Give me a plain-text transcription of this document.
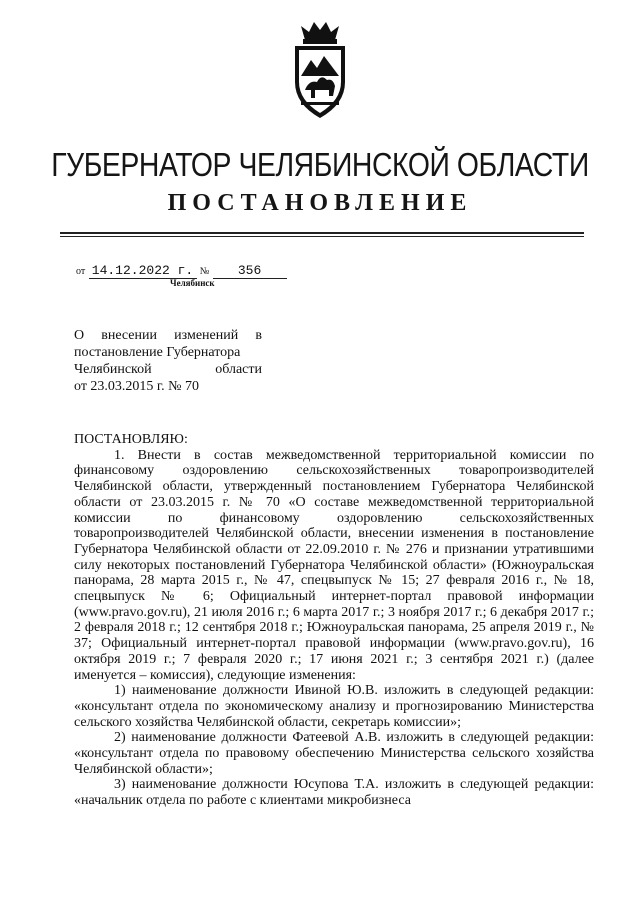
ГУБЕРНАТОР ЧЕЛЯБИНСКОЙ ОБЛАСТИ
ПОСТАНОВЛЕНИЕ
от 14.12.2022 г. № 356
Челябинск
О внесении изменений в
постановление Губернатора
Челябинской области
от 23.03.2015 г. № 70

ПОСТАНОВЛЯЮ:

1. Внести в состав межведомственной территориальной комиссии по финансовому оздоровлению сельскохозяйственных товаропроизводителей Челябинской области, утвержденный постановлением Губернатора Челябинской области от 23.03.2015 г. № 70 «О составе межведомственной территориальной комиссии по финансовому оздоровлению сельскохозяйственных товаропроизводителей Челябинской области, внесении изменения в постановление Губернатора Челябинской области от 22.09.2010 г. № 276 и признании утратившими силу некоторых постановлений Губернатора Челябинской области» (Южноуральская панорама, 28 марта 2015 г., № 47, спецвыпуск № 15; 27 февраля 2016 г., № 18, спецвыпуск № 6; Официальный интернет-портал правовой информации (www.pravo.gov.ru), 21 июля 2016 г.; 6 марта 2017 г.; 3 ноября 2017 г.; 6 декабря 2017 г.; 2 февраля 2018 г.; 12 сентября 2018 г.; Южноуральская панорама, 25 апреля 2019 г., № 37; Официальный интернет-портал правовой информации (www.pravo.gov.ru), 16 октября 2019 г.; 7 февраля 2020 г.; 17 июня 2021 г.; 3 сентября 2021 г.) (далее именуется – комиссия), следующие изменения:

1) наименование должности Ивиной Ю.В. изложить в следующей редакции: «консультант отдела по экономическому анализу и прогнозированию Министерства сельского хозяйства Челябинской области, секретарь комиссии»;

2) наименование должности Фатеевой А.В. изложить в следующей редакции: «консультант отдела по правовому обеспечению Министерства сельского хозяйства Челябинской области»;

3) наименование должности Юсупова Т.А. изложить в следующей редакции: «начальник отдела по работе с клиентами микробизнеса
